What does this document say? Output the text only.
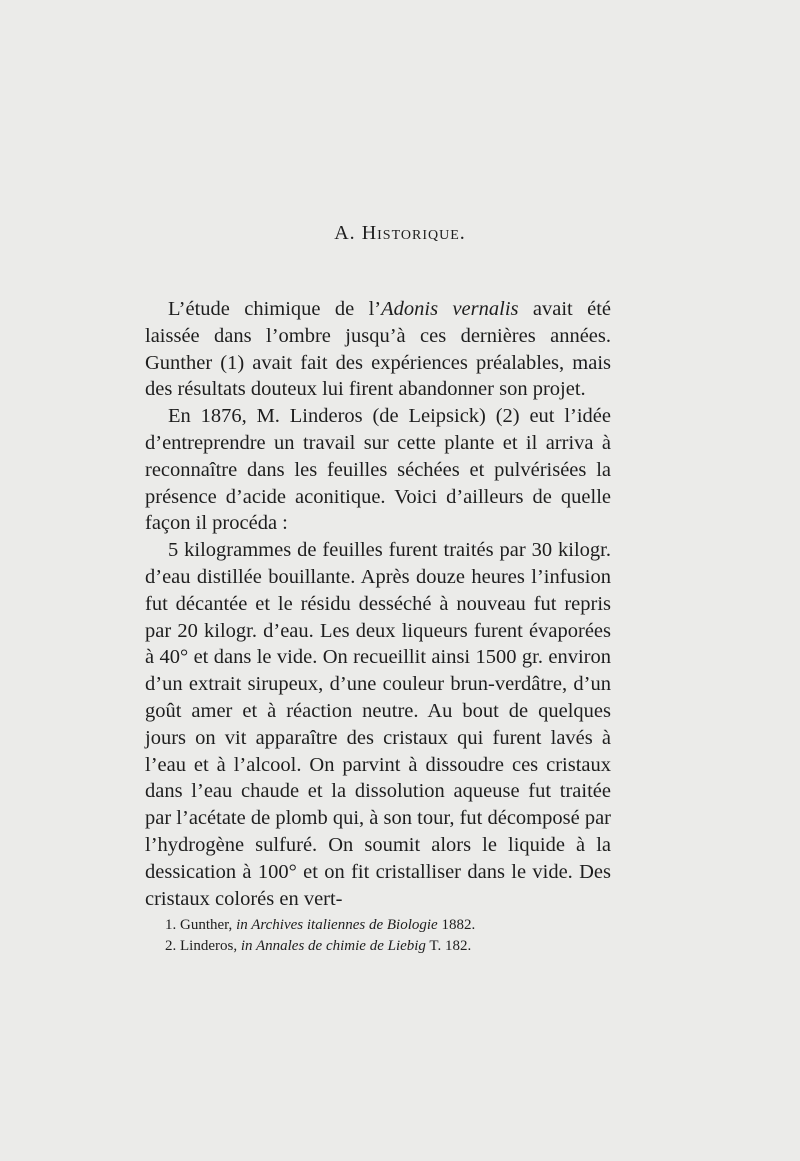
A. Historique.

L’étude chimique de l’Adonis vernalis avait été laissée dans l’ombre jusqu’à ces dernières années. Gunther (1) avait fait des expériences préalables, mais des résultats douteux lui firent abandonner son projet.

En 1876, M. Linderos (de Leipsick) (2) eut l’idée d’entreprendre un travail sur cette plante et il arriva à reconnaître dans les feuilles séchées et pulvérisées la présence d’acide aconitique. Voici d’ailleurs de quelle façon il procéda :

5 kilogrammes de feuilles furent traités par 30 kilogr. d’eau distillée bouillante. Après douze heures l’infusion fut décantée et le résidu desséché à nouveau fut repris par 20 kilogr. d’eau. Les deux liqueurs furent évaporées à 40° et dans le vide. On recueillit ainsi 1500 gr. environ d’un extrait sirupeux, d’une couleur brun-verdâtre, d’un goût amer et à réaction neutre. Au bout de quelques jours on vit apparaître des cristaux qui furent lavés à l’eau et à l’alcool. On parvint à dissoudre ces cristaux dans l’eau chaude et la dissolution aqueuse fut traitée par l’acétate de plomb qui, à son tour, fut décomposé par l’hydrogène sulfuré. On soumit alors le liquide à la dessication à 100° et on fit cristalliser dans le vide. Des cristaux colorés en vert-

1. Gunther, in Archives italiennes de Biologie 1882.
2. Linderos, in Annales de chimie de Liebig T. 182.
